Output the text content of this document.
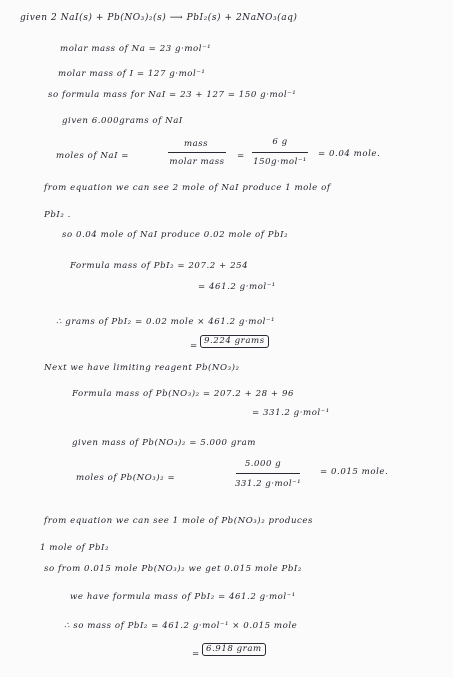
given 2 NaI(s) + Pb(NO₃)₂(s) ⟶ PbI₂(s) + 2NaNO₃(aq)
molar mass of Na = 23 g·mol⁻¹
molar mass of I = 127 g·mol⁻¹
so formula mass for NaI = 23 + 127 = 150 g·mol⁻¹
given 6.000grams of NaI
moles of NaI =
mass
molar mass
=
6 g
150g·mol⁻¹
= 0.04 mole.
from equation we can see 2 mole of NaI produce 1 mole of
PbI₂ .
so 0.04 mole of NaI produce 0.02 mole of PbI₂
Formula mass of PbI₂ = 207.2 + 254
= 461.2 g·mol⁻¹
∴ grams of PbI₂ = 0.02 mole × 461.2 g·mol⁻¹
= 9.224 grams
Next we have limiting reagent Pb(NO₃)₂
Formula mass of Pb(NO₃)₂ = 207.2 + 28 + 96
= 331.2 g·mol⁻¹
given mass of Pb(NO₃)₂ = 5.000 gram
moles of Pb(NO₃)₂ =
5.000 g
331.2 g·mol⁻¹
= 0.015 mole.
from equation we can see 1 mole of Pb(NO₃)₂ produces
1 mole of PbI₂
so from 0.015 mole Pb(NO₃)₂ we get 0.015 mole PbI₂
we have formula mass of PbI₂ = 461.2 g·mol⁻¹
∴ so mass of PbI₂ = 461.2 g·mol⁻¹ × 0.015 mole
= 6.918 gram
